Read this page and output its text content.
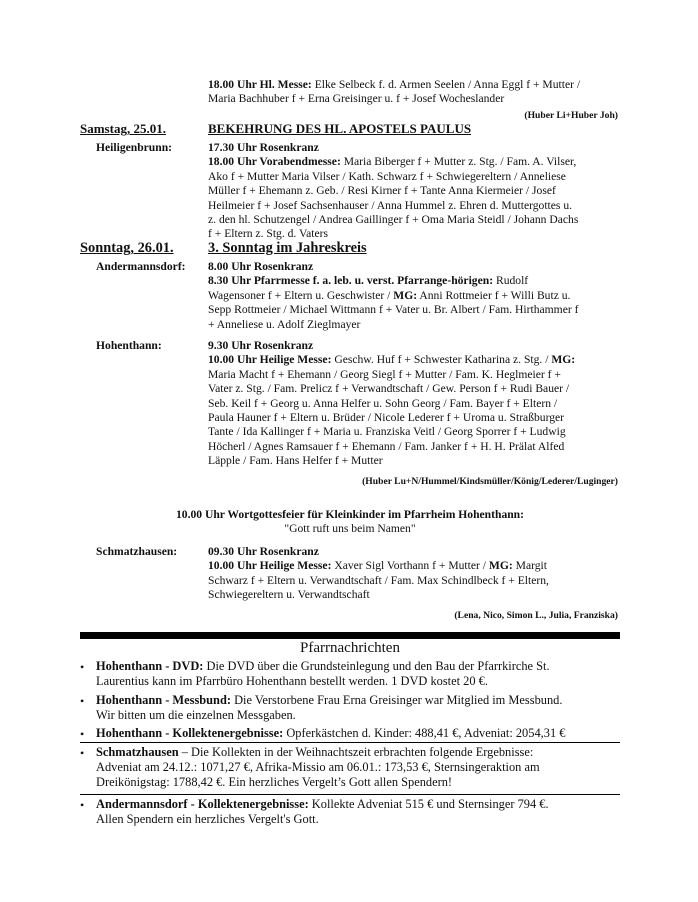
18.00 Uhr Hl. Messe: Elke Selbeck f. d. Armen Seelen / Anna Eggl f + Mutter /

Maria Bachhuber f + Erna Greisinger u. f + Josef Wocheslander

(Huber Li+Huber Joh)
Samstag, 25.01.	BEKEHRUNG DES HL. APOSTELS PAULUS
Heiligenbrunn:	17.30 Uhr Rosenkranz

18.00 Uhr Vorabendmesse: Maria Biberger f + Mutter z. Stg. / Fam. A. Vilser,

Ako f + Mutter Maria Vilser / Kath. Schwarz f + Schwiegereltern / Anneliese

Müller f + Ehemann z. Geb. / Resi Kirner f + Tante Anna Kiermeier / Josef

Heilmeier f + Josef Sachsenhauser / Anna Hummel z. Ehren d. Muttergottes u.

z. den hl. Schutzengel / Andrea Gaillinger f + Oma Maria Steidl / Johann Dachs

f + Eltern z. Stg. d. Vaters

Sonntag, 26.01. 3. Sonntag im Jahreskreis
Andermannsdorf: 8.00 Uhr Rosenkranz

8.30 Uhr Pfarrmesse f. a. leb. u. verst. Pfarrange-hörigen: Rudolf

Wagensoner f + Eltern u. Geschwister / MG: Anni Rottmeier f + Willi Butz u.

Sepp Rottmeier / Michael Wittmann f + Vater u. Br. Albert / Fam. Hirthammer f

+ Anneliese u. Adolf Zieglmayer

Hohenthann:	9.30 Uhr Rosenkranz

10.00 Uhr Heilige Messe: Geschw. Huf f + Schwester Katharina z. Stg. / MG:

Maria Macht f + Ehemann / Georg Siegl f + Mutter / Fam. K. Heglmeier f +

Vater z. Stg. / Fam. Prelicz f + Verwandtschaft / Gew. Person f + Rudi Bauer /

Seb. Keil f + Georg u. Anna Helfer u. Sohn Georg / Fam. Bayer f + Eltern /

Paula Hauner f + Eltern u. Brüder / Nicole Lederer f + Uroma u. Straßburger

Tante / Ida Kallinger f + Maria u. Franziska Veitl / Georg Sporrer f + Ludwig

Höcherl / Agnes Ramsauer f + Ehemann / Fam. Janker f + H. H. Prälat Alfed

Läpple / Fam. Hans Helfer f + Mutter

(Huber Lu+N/Hummel/Kindsmüller/König/Lederer/Luginger)
10.00 Uhr Wortgottesfeier für Kleinkinder im Pfarrheim Hohenthann:
"Gott ruft uns beim Namen"
Schmatzhausen:	09.30 Uhr Rosenkranz

10.00 Uhr Heilige Messe: Xaver Sigl Vorthann f + Mutter / MG: Margit

Schwarz f + Eltern u. Verwandtschaft / Fam. Max Schindlbeck f + Eltern,

Schwiegereltern u. Verwandtschaft

(Lena, Nico, Simon L., Julia, Franziska)
Pfarrnachrichten
• Hohenthann - DVD: Die DVD über die Grundsteinlegung und den Bau der Pfarrkirche St.
Laurentius kann im Pfarrbüro Hohenthann bestellt werden. 1 DVD kostet 20 €.
• Hohenthann - Messbund: Die Verstorbene Frau Erna Greisinger war Mitglied im Messbund.
Wir bitten um die einzelnen Messgaben.
• Hohenthann - Kollektenergebnisse: Opferkästchen d. Kinder: 488,41 €, Adveniat: 2054,31 €
• Schmatzhausen – Die Kollekten in der Weihnachtszeit erbrachten folgende Ergebnisse:
Adveniat am 24.12.: 1071,27 €, Afrika-Missio am 06.01.: 173,53 €, Sternsingeraktion am
Dreikönigstag: 1788,42 €. Ein herzliches Vergelt’s Gott allen Spendern!
• Andermannsdorf - Kollektenergebnisse: Kollekte Adveniat 515 € und Sternsinger 794 €.
Allen Spendern ein herzliches Vergelt's Gott.
